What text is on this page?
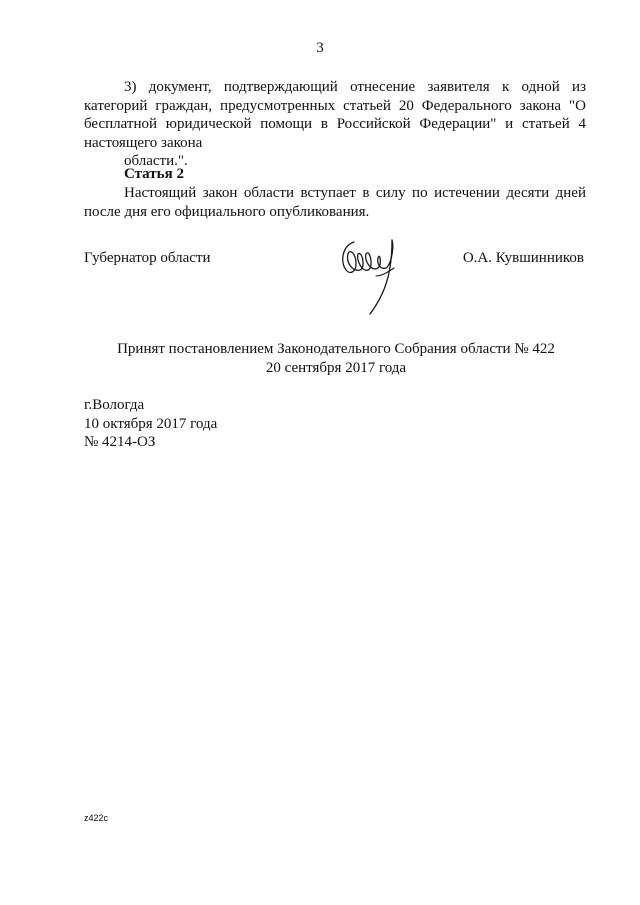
3
3) документ, подтверждающий отнесение заявителя к одной из категорий граждан, предусмотренных статьей 20 Федерального закона "О бесплатной юридической помощи в Российской Федерации" и статьей 4 настоящего закона
области.".
Статья 2
Настоящий закон области вступает в силу по истечении десяти дней после дня его официального опубликования.
Губернатор области	О.А. Кувшинников
Принят постановлением Законодательного Собрания области № 422
20 сентября 2017 года
г.Вологда
10 октября 2017 года
№ 4214-ОЗ
z422c
